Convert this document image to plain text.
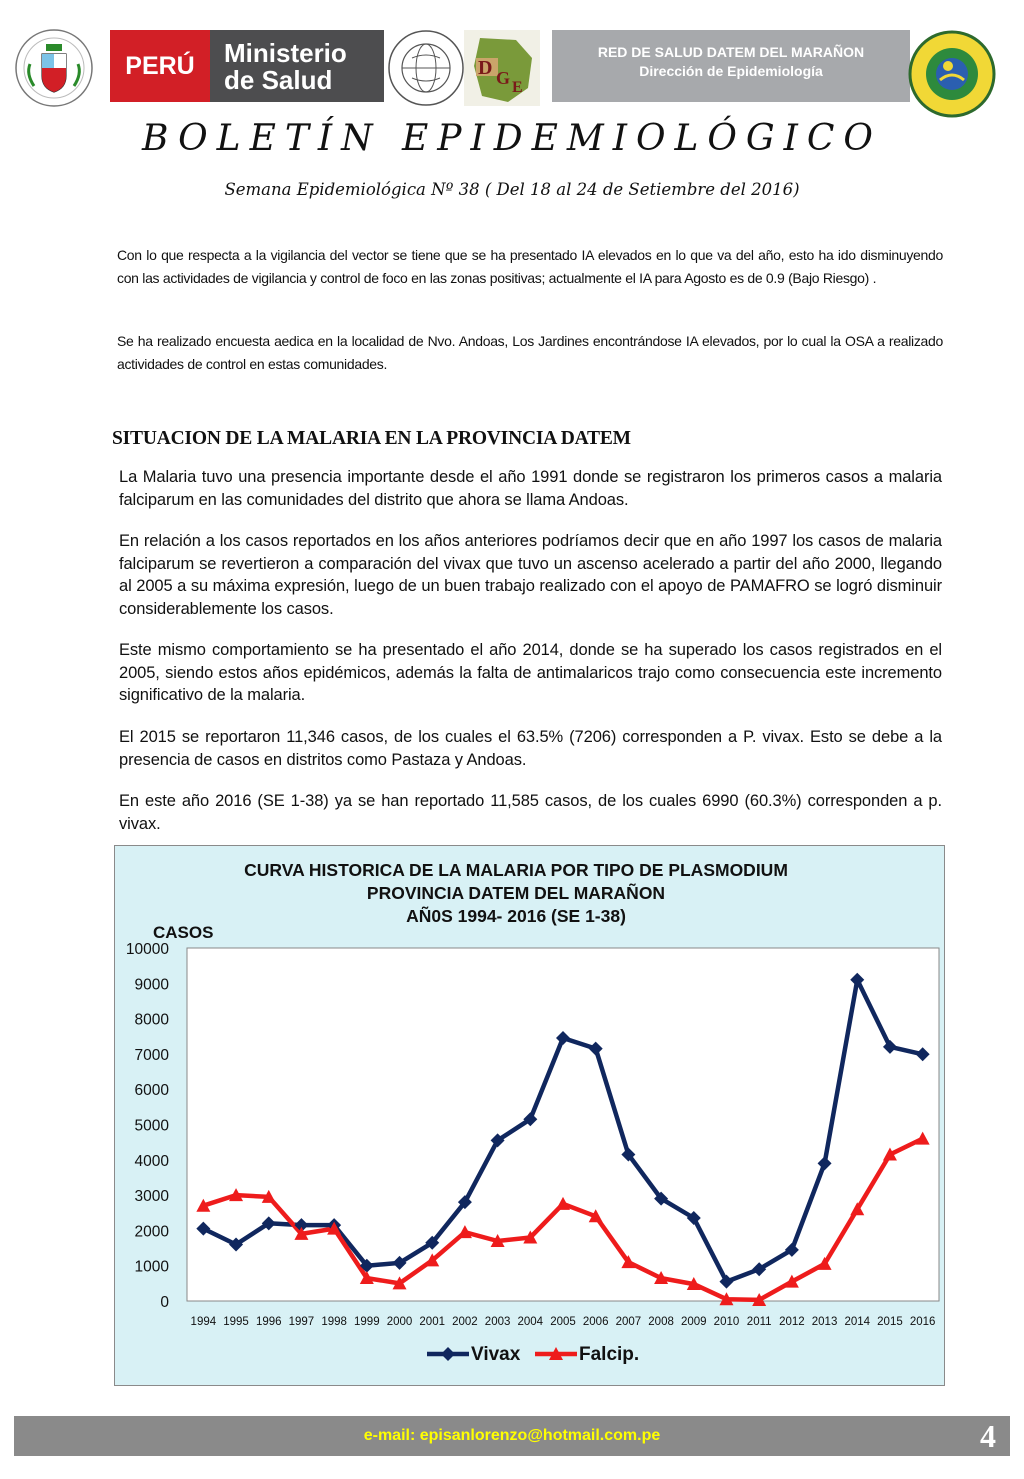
PERÚ	Ministerio
de Salud	D G E
RED DE SALUD DATEM DEL MARAÑON
Dirección de Epidemiología
BOLETÍN EPIDEMIOLÓGICO
Semana Epidemiológica Nº 38 ( Del 18 al 24 de Setiembre del 2016)

Con lo que respecta a la vigilancia del vector se tiene que se ha presentado IA elevados en lo que va del año, esto ha ido disminuyendo con las actividades de vigilancia y control de foco en las zonas positivas; actualmente el IA para Agosto es de 0.9 (Bajo Riesgo) .

Se ha realizado encuesta aedica en la localidad de Nvo. Andoas, Los Jardines encontrándose IA elevados, por lo cual la OSA a realizado actividades de control en estas comunidades.

SITUACION DE LA MALARIA EN LA PROVINCIA DATEM

La Malaria tuvo una presencia importante desde el año 1991 donde se registraron los primeros casos a malaria falciparum en las comunidades del distrito que ahora se llama Andoas.

En relación a los casos reportados en los años anteriores podríamos decir que en año 1997 los casos de malaria falciparum se revertieron a comparación del vivax que tuvo un ascenso acelerado a partir del año 2000, llegando al 2005 a su máxima expresión, luego de un buen trabajo realizado con el apoyo de PAMAFRO se logró disminuir considerablemente los casos.

Este mismo comportamiento se ha presentado el año 2014, donde se ha superado los casos registrados en el 2005, siendo estos años epidémicos, además la falta de antimalaricos trajo como consecuencia este incremento significativo de la malaria.

El 2015 se reportaron 11,346 casos, de los cuales el 63.5% (7206) corresponden a P. vivax. Esto se debe a la presencia de casos en distritos como Pastaza y Andoas.

En este año 2016 (SE 1-38) ya se han reportado 11,585 casos, de los cuales 6990 (60.3%) corresponden a p. vivax.

CURVA HISTORICA DE LA MALARIA POR TIPO DE PLASMODIUM
PROVINCIA DATEM DEL MARAÑON
AÑ0S 1994- 2016 (SE 1-38)
CASOS
0
1000
2000
3000
4000
5000
6000
7000
8000
9000
10000
1994 1995 1996 1997 1998 1999 2000 2001 2002 2003 2004 2005 2006 2007 2008 2009 2010 2011 2012 2013 2014 2015 2016
Vivax	Falcip.
e-mail: episanlorenzo@hotmail.com.pe	4
